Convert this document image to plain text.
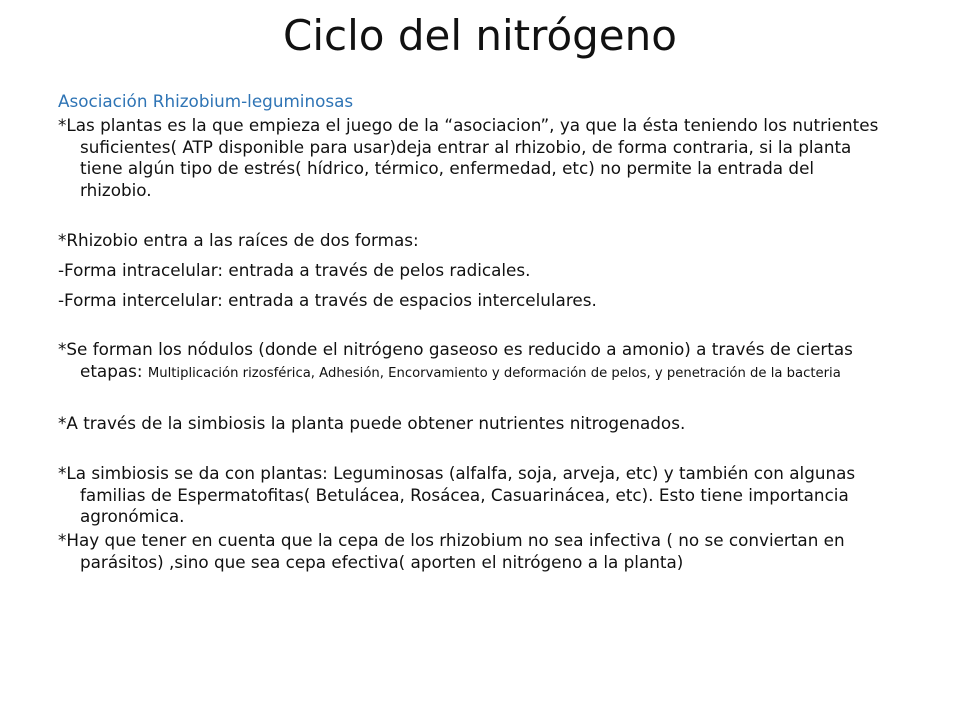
Ciclo del nitrógeno

Asociación Rhizobium-leguminosas

*Las plantas es la que empieza el juego de la “asociacion”, ya que la ésta teniendo los nutrientes suficientes( ATP disponible para usar)deja entrar al rhizobio, de forma contraria, si la planta tiene algún tipo de estrés( hídrico, térmico, enfermedad, etc) no permite la entrada del rhizobio.

*Rhizobio entra a las raíces de dos formas:

-Forma intracelular: entrada a través de pelos radicales.

-Forma intercelular: entrada a través de espacios intercelulares.

*Se forman los nódulos (donde el nitrógeno gaseoso es reducido a amonio) a través de ciertas etapas: Multiplicación rizosférica, Adhesión, Encorvamiento y deformación de pelos, y penetración de la bacteria

*A través de la simbiosis la planta puede obtener nutrientes nitrogenados.

*La simbiosis se da con plantas: Leguminosas (alfalfa, soja, arveja, etc) y también con algunas familias de Espermatofitas( Betulácea, Rosácea, Casuarinácea, etc). Esto tiene importancia agronómica.

*Hay que tener en cuenta que la cepa de los rhizobium no sea infectiva ( no se conviertan en parásitos) ,sino que sea cepa efectiva( aporten el nitrógeno a la planta)
